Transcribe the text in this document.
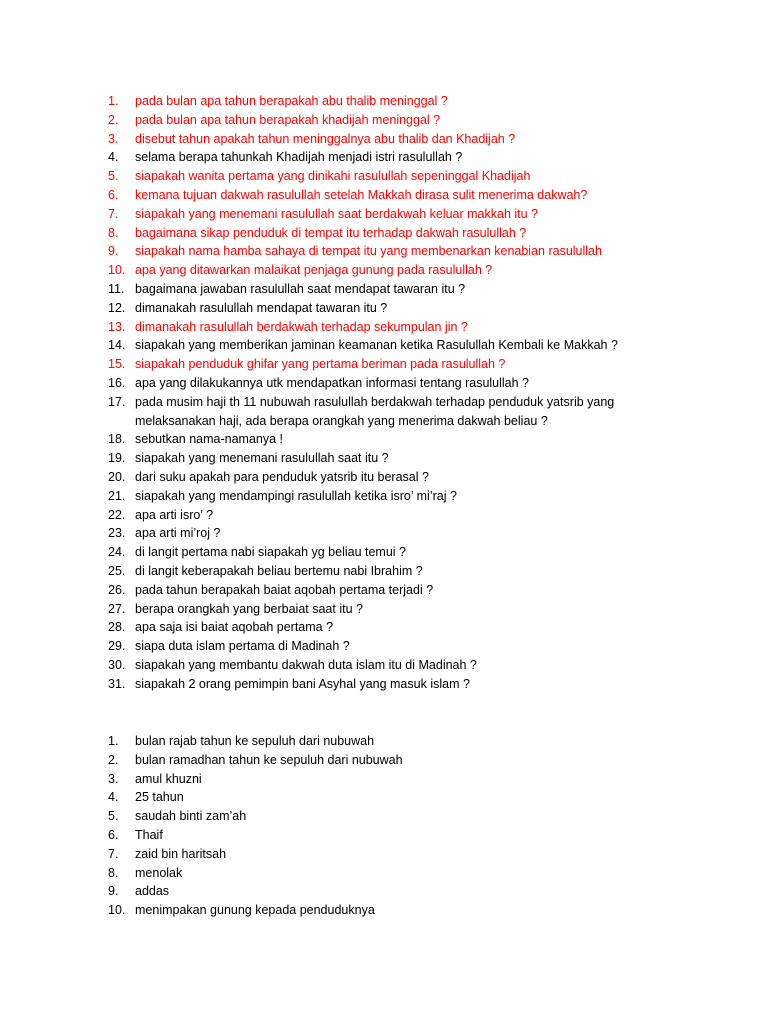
1. pada bulan apa tahun berapakah abu thalib meninggal ?
2. pada bulan apa tahun berapakah khadijah meninggal ?
3. disebut tahun apakah tahun meninggalnya abu thalib dan Khadijah ?
4. selama berapa tahunkah Khadijah menjadi istri rasulullah ?
5. siapakah wanita pertama yang dinikahi rasulullah sepeninggal Khadijah
6. kemana tujuan dakwah rasulullah setelah Makkah dirasa sulit menerima dakwah?
7. siapakah yang menemani rasulullah saat berdakwah keluar makkah itu ?
8. bagaimana sikap penduduk di tempat itu terhadap dakwah rasulullah ?
9. siapakah nama hamba sahaya di tempat itu yang membenarkan kenabian rasulullah
10. apa yang ditawarkan malaikat penjaga gunung pada rasulullah ?
11. bagaimana jawaban rasulullah saat mendapat tawaran itu ?
12. dimanakah rasulullah mendapat tawaran itu ?
13. dimanakah rasulullah berdakwah terhadap sekumpulan jin ?
14. siapakah yang memberikan jaminan keamanan ketika Rasulullah Kembali ke Makkah ?
15. siapakah penduduk ghifar yang pertama beriman pada rasulullah ?
16. apa yang dilakukannya utk mendapatkan informasi tentang rasulullah ?
17. pada musim haji th 11 nubuwah rasulullah berdakwah terhadap penduduk yatsrib yang melaksanakan haji, ada berapa orangkah yang menerima dakwah beliau ?
18. sebutkan nama-namanya !
19. siapakah yang menemani rasulullah saat itu ?
20. dari suku apakah para penduduk yatsrib itu berasal ?
21. siapakah yang mendampingi rasulullah ketika isro’ mi’raj ?
22. apa arti isro’ ?
23. apa arti mi’roj ?
24. di langit pertama nabi siapakah yg beliau temui ?
25. di langit keberapakah beliau bertemu nabi Ibrahim ?
26. pada tahun berapakah baiat aqobah pertama terjadi ?
27. berapa orangkah yang berbaiat saat itu ?
28. apa saja isi baiat aqobah pertama ?
29. siapa duta islam pertama di Madinah ?
30. siapakah yang membantu dakwah duta islam itu di Madinah ?
31. siapakah 2 orang pemimpin bani Asyhal yang masuk islam ?
1. bulan rajab tahun ke sepuluh dari nubuwah
2. bulan ramadhan tahun ke sepuluh dari nubuwah
3. amul khuzni
4. 25 tahun
5. saudah binti zam’ah
6. Thaif
7. zaid bin haritsah
8. menolak
9. addas
10. menimpakan gunung kepada penduduknya
